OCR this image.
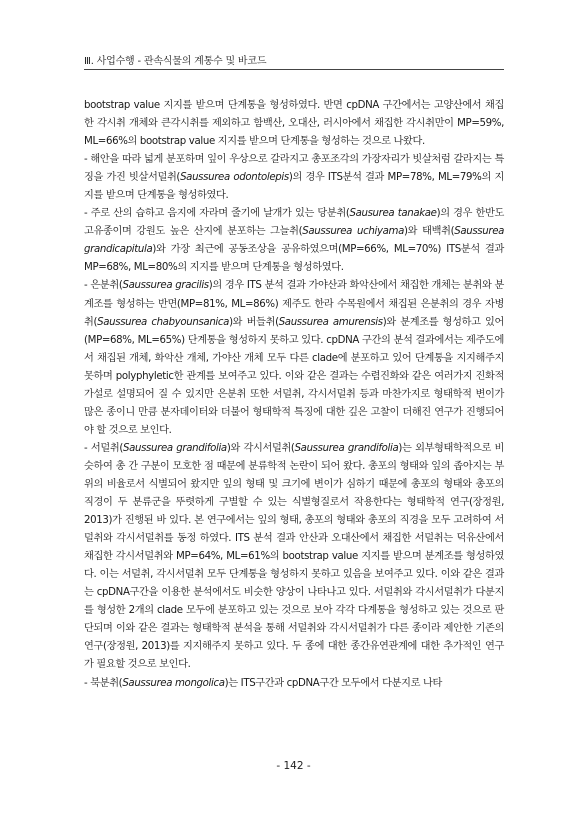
Ⅲ. 사업수행 - 관속식물의 계통수 및 바코드

bootstrap value 지지를 받으며 단계통을 형성하였다. 반면 cpDNA 구간에서는 고양산에서 채집한 각시취 개체와 큰각시취를 제외하고 함백산, 오대산, 러시아에서 채집한 각시취만이 MP=59%, ML=66%의 bootstrap value 지지를 받으며 단계통을 형성하는 것으로 나왔다.

- 해안을 따라 넓게 분포하며 잎이 우상으로 갈라지고 총포조각의 가장자리가 빗살처럼 갈라지는 특징을 가진 빗살서덜취(Saussurea odontolepis)의 경우 ITS분석 결과 MP=78%, ML=79%의 지지를 받으며 단계통을 형성하였다.

- 주로 산의 습하고 음지에 자라며 줄기에 날개가 있는 당분취(Sausurea tanakae)의 경우 한반도 고유종이며 강원도 높은 산지에 분포하는 그늘취(Saussurea uchiyama)와 태백취(Saussurea grandicapitula)와 가장 최근에 공동조상을 공유하였으며(MP=66%, ML=70%) ITS분석 결과 MP=68%, ML=80%의 지지를 받으며 단계통을 형성하였다.

- 은분취(Saussurea gracilis)의 경우 ITS 분석 결과 가야산과 화악산에서 채집한 개체는 분취와 분계조를 형성하는 반면(MP=81%, ML=86%) 제주도 한라 수목원에서 채집된 은분취의 경우 자병취(Saussurea chabyounsanica)와 버들취(Saussurea amurensis)와 분계조를 형성하고 있어(MP=68%, ML=65%) 단계통을 형성하지 못하고 있다. cpDNA 구간의 분석 결과에서는 제주도에서 채집된 개체, 화악산 개체, 가야산 개체 모두 다른 clade에 분포하고 있어 단계통을 지지해주지 못하며 polyphyletic한 관계를 보여주고 있다. 이와 같은 결과는 수렴진화와 같은 여러가지 진화적 가설로 설명되어 질 수 있지만 은분취 또한 서덜취, 각시서덜취 등과 마찬가지로 형태학적 변이가 많은 종이니 만큼 분자데이터와 더불어 형태학적 특징에 대한 깊은 고찰이 더해진 연구가 진행되어야 할 것으로 보인다.

- 서덜취(Saussurea grandifolia)와 각시서덜취(Saussurea grandifolia)는 외부형태학적으로 비슷하여 총 간 구분이 모호한 점 때문에 분류학적 논란이 되어 왔다. 총포의 형태와 잎의 좁아지는 부위의 비율로서 식별되어 왔지만 잎의 형태 및 크기에 변이가 심하기 때문에 총포의 형태와 총포의 직경이 두 분류군을 뚜렷하게 구별할 수 있는 식별형질로서 작용한다는 형태학적 연구(장정원, 2013)가 진행된 바 있다. 본 연구에서는 잎의 형태, 총포의 형태와 총포의 직경을 모두 고려하여 서덜취와 각시서덜취를 동정 하였다. ITS 분석 결과 안산과 오대산에서 채집한 서덜취는 덕유산에서 채집한 각시서덜취와 MP=64%, ML=61%의 bootstrap value 지지를 받으며 분계조를 형성하였다. 이는 서덜취, 각시서덜취 모두 단계통을 형성하지 못하고 있음을 보여주고 있다. 이와 같은 결과는 cpDNA구간을 이용한 분석에서도 비슷한 양상이 나타나고 있다. 서덜취와 각시서덜취가 다분지를 형성한 2개의 clade 모두에 분포하고 있는 것으로 보아 각각 다계통을 형성하고 있는 것으로 판단되며 이와 같은 결과는 형태학적 분석을 통해 서덜취와 각시서덜취가 다른 종이라 제안한 기존의 연구(장정원, 2013)를 지지해주지 못하고 있다. 두 종에 대한 종간유연관계에 대한 추가적인 연구가 필요할 것으로 보인다.

- 북분취(Saussurea mongolica)는 ITS구간과 cpDNA구간 모두에서 다분지로 나타

- 142 -
